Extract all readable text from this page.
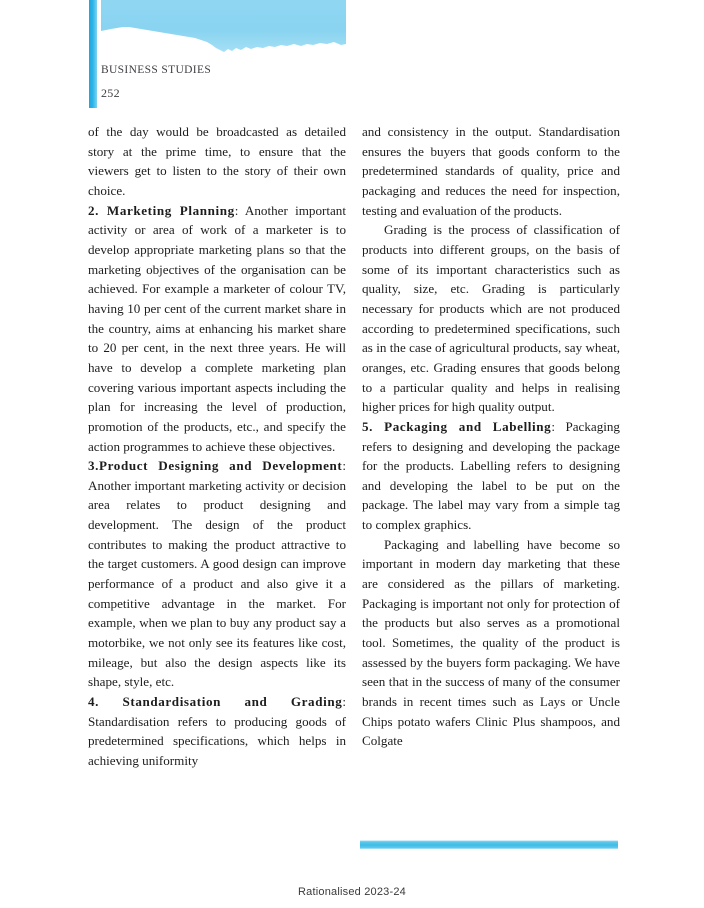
BUSINESS STUDIES
252

of the day would be broadcasted as detailed story at the prime time, to ensure that the viewers get to listen to the story of their own choice.

2. Marketing Planning: Another important activity or area of work of a marketer is to develop appropriate marketing plans so that the marketing objectives of the organisation can be achieved. For example a marketer of colour TV, having 10 per cent of the current market share in the country, aims at enhancing his market share to 20 per cent, in the next three years. He will have to develop a complete marketing plan covering various important aspects including the plan for increasing the level of production, promotion of the products, etc., and specify the action programmes to achieve these objectives.

3.Product Designing and Development: Another important marketing activity or decision area relates to product designing and development. The design of the product contributes to making the product attractive to the target customers. A good design can improve performance of a product and also give it a competitive advantage in the market. For example, when we plan to buy any product say a motorbike, we not only see its features like cost, mileage, but also the design aspects like its shape, style, etc.

4. Standardisation and Grading: Standardisation refers to producing goods of predetermined specifications, which helps in achieving uniformity

and consistency in the output. Standardisation ensures the buyers that goods conform to the predetermined standards of quality, price and packaging and reduces the need for inspection, testing and evaluation of the products.

Grading is the process of classification of products into different groups, on the basis of some of its important characteristics such as quality, size, etc. Grading is particularly necessary for products which are not produced according to predetermined specifications, such as in the case of agricultural products, say wheat, oranges, etc. Grading ensures that goods belong to a particular quality and helps in realising higher prices for high quality output.

5. Packaging and Labelling: Packaging refers to designing and developing the package for the products. Labelling refers to designing and developing the label to be put on the package. The label may vary from a simple tag to complex graphics.

Packaging and labelling have become so important in modern day marketing that these are considered as the pillars of marketing. Packaging is important not only for protection of the products but also serves as a promotional tool. Sometimes, the quality of the product is assessed by the buyers form packaging. We have seen that in the success of many of the consumer brands in recent times such as Lays or Uncle Chips potato wafers Clinic Plus shampoos, and Colgate

Rationalised 2023-24
